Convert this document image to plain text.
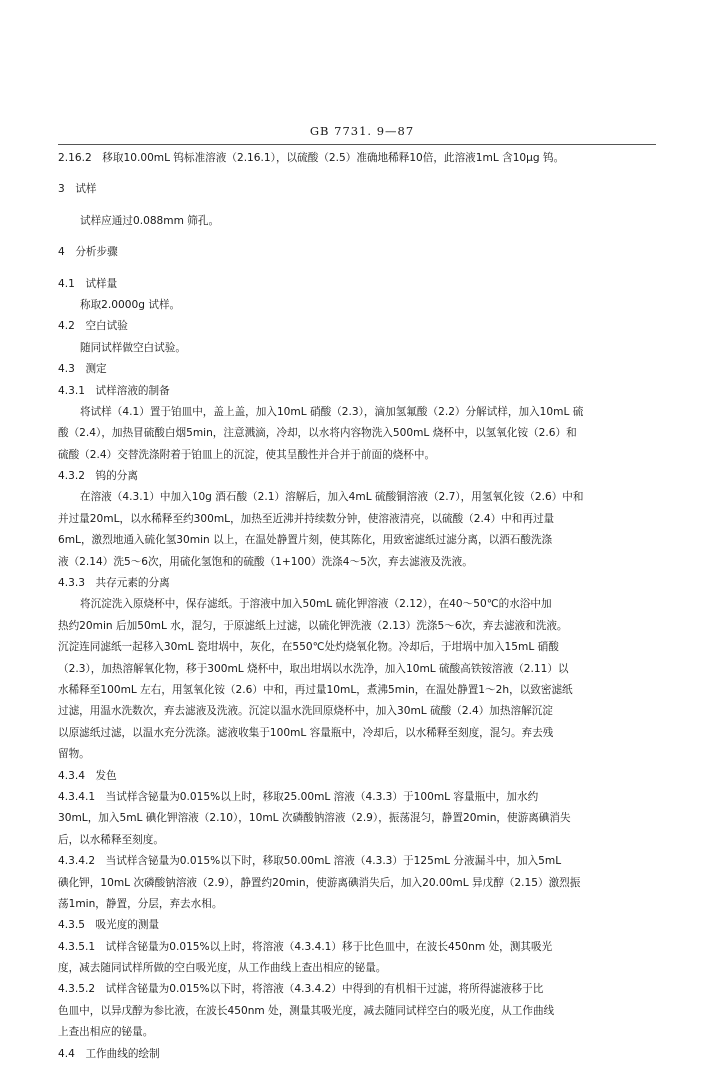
GB 7731. 9—87
2.16.2　移取10.00mL 钨标准溶液（2.16.1），以硫酸（2.5）准确地稀释10倍，此溶液1mL 含10μg 钨。
3　试样
试样应通过0.088mm 筛孔。
4　分析步骤
4.1　试样量
称取2.0000g 试样。
4.2　空白试验
随同试样做空白试验。
4.3　测定
4.3.1　试样溶液的制备
将试样（4.1）置于铂皿中，盖上盖，加入10mL 硝酸（2.3），滴加氢氟酸（2.2）分解试样，加入10mL 硫
酸（2.4），加热冒硫酸白烟5min，注意溅滴，冷却，以水将内容物洗入500mL 烧杯中，以氢氧化铵（2.6）和
硫酸（2.4）交替洗涤附着于铂皿上的沉淀，使其呈酸性并合并于前面的烧杯中。
4.3.2　钨的分离
在溶液（4.3.1）中加入10g 酒石酸（2.1）溶解后，加入4mL 硫酸铜溶液（2.7），用氢氧化铵（2.6）中和
并过量20mL，以水稀释至约300mL，加热至近沸并持续数分钟，使溶液清亮，以硫酸（2.4）中和再过量
6mL，激烈地通入硫化氢30min 以上，在温处静置片刻，使其陈化，用致密滤纸过滤分离，以酒石酸洗涤
液（2.14）洗5～6次，用硫化氢饱和的硫酸（1+100）洗涤4～5次，弃去滤液及洗液。
4.3.3　共存元素的分离
将沉淀洗入原烧杯中，保存滤纸。于溶液中加入50mL 硫化钾溶液（2.12），在40～50℃的水浴中加
热约20min 后加50mL 水，混匀，于原滤纸上过滤，以硫化钾洗液（2.13）洗涤5～6次，弃去滤液和洗液。
沉淀连同滤纸一起移入30mL 瓷坩埚中，灰化，在550℃处灼烧氧化物。冷却后，于坩埚中加入15mL 硝酸
（2.3），加热溶解氧化物，移于300mL 烧杯中，取出坩埚以水洗净，加入10mL 硫酸高铁铵溶液（2.11）以
水稀释至100mL 左右，用氢氧化铵（2.6）中和，再过量10mL，煮沸5min，在温处静置1～2h，以致密滤纸
过滤，用温水洗数次，弃去滤液及洗液。沉淀以温水洗回原烧杯中，加入30mL 硫酸（2.4）加热溶解沉淀
以原滤纸过滤，以温水充分洗涤。滤液收集于100mL 容量瓶中，冷却后，以水稀释至刻度，混匀。弃去残
留物。
4.3.4　发色
4.3.4.1　当试样含铋量为0.015%以上时，移取25.00mL 溶液（4.3.3）于100mL 容量瓶中，加水约
30mL，加入5mL 碘化钾溶液（2.10），10mL 次磷酸钠溶液（2.9），振荡混匀，静置20min，使游离碘消失
后，以水稀释至刻度。
4.3.4.2　当试样含铋量为0.015%以下时，移取50.00mL 溶液（4.3.3）于125mL 分液漏斗中，加入5mL
碘化钾，10mL 次磷酸钠溶液（2.9），静置约20min，使游离碘消失后，加入20.00mL 异戊醇（2.15）激烈振
荡1min，静置，分层，弃去水相。
4.3.5　吸光度的测量
4.3.5.1　试样含铋量为0.015%以上时，将溶液（4.3.4.1）移于比色皿中，在波长450nm 处，测其吸光
度，减去随同试样所做的空白吸光度，从工作曲线上查出相应的铋量。
4.3.5.2　试样含铋量为0.015%以下时，将溶液（4.3.4.2）中得到的有机相干过滤，将所得滤液移于比
色皿中，以异戊醇为参比液，在波长450nm 处，测量其吸光度，减去随同试样空白的吸光度，从工作曲线
上查出相应的铋量。
4.4　工作曲线的绘制
